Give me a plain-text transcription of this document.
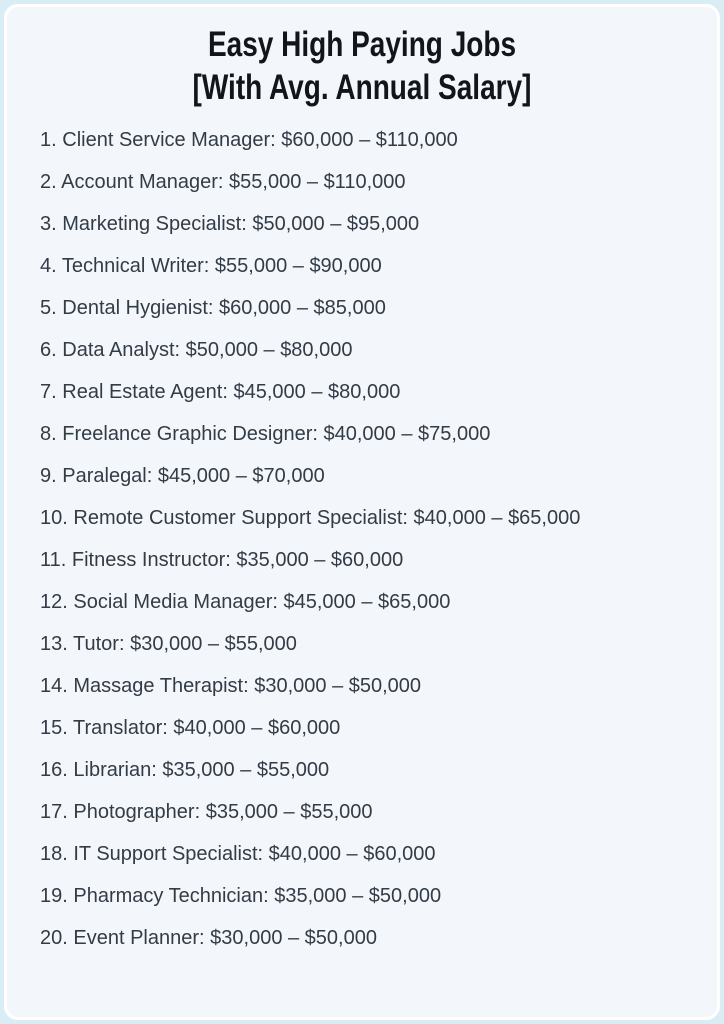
Easy High Paying Jobs
[With Avg. Annual Salary]
1. Client Service Manager: $60,000 – $110,000
2. Account Manager: $55,000 – $110,000
3. Marketing Specialist: $50,000 – $95,000
4. Technical Writer: $55,000 – $90,000
5. Dental Hygienist: $60,000 – $85,000
6. Data Analyst: $50,000 – $80,000
7. Real Estate Agent: $45,000 – $80,000
8. Freelance Graphic Designer: $40,000 – $75,000
9. Paralegal: $45,000 – $70,000
10. Remote Customer Support Specialist: $40,000 – $65,000
11. Fitness Instructor: $35,000 – $60,000
12. Social Media Manager: $45,000 – $65,000
13. Tutor: $30,000 – $55,000
14. Massage Therapist: $30,000 – $50,000
15. Translator: $40,000 – $60,000
16. Librarian: $35,000 – $55,000
17. Photographer: $35,000 – $55,000
18. IT Support Specialist: $40,000 – $60,000
19. Pharmacy Technician: $35,000 – $50,000
20. Event Planner: $30,000 – $50,000
